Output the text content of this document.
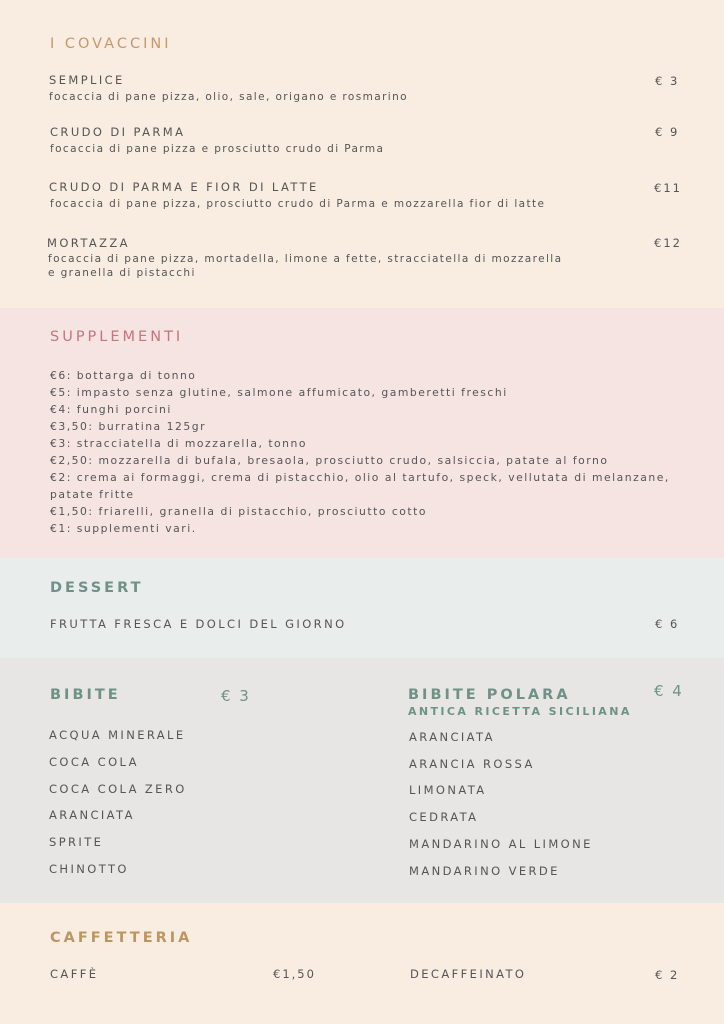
I COVACCINI
SEMPLICE	€ 3
focaccia di pane pizza, olio, sale, origano e rosmarino
CRUDO DI PARMA	€ 9
focaccia di pane pizza e prosciutto crudo di Parma
CRUDO DI PARMA E FIOR DI LATTE	€11
focaccia di pane pizza, prosciutto crudo di Parma e mozzarella fior di latte
MORTAZZA	€12
focaccia di pane pizza, mortadella, limone a fette, stracciatella di mozzarella
e granella di pistacchi
SUPPLEMENTI
€6: bottarga di tonno
€5: impasto senza glutine, salmone affumicato, gamberetti freschi
€4: funghi porcini
€3,50: burratina 125gr
€3: stracciatella di mozzarella, tonno
€2,50: mozzarella di bufala, bresaola, prosciutto crudo, salsiccia, patate al forno
€2: crema ai formaggi, crema di pistacchio, olio al tartufo, speck, vellutata di melanzane,
patate fritte
€1,50: friarelli, granella di pistacchio, prosciutto cotto
€1: supplementi vari.
DESSERT
FRUTTA FRESCA E DOLCI DEL GIORNO	€ 6
BIBITE	€ 3
ACQUA MINERALE
COCA COLA
COCA COLA ZERO
ARANCIATA
SPRITE
CHINOTTO
BIBITE POLARA
ANTICA RICETTA SICILIANA
€ 4
ARANCIATA
ARANCIA ROSSA
LIMONATA
CEDRATA
MANDARINO AL LIMONE
MANDARINO VERDE
CAFFETTERIA
CAFFÈ	€1,50	DECAFFEINATO	€ 2
